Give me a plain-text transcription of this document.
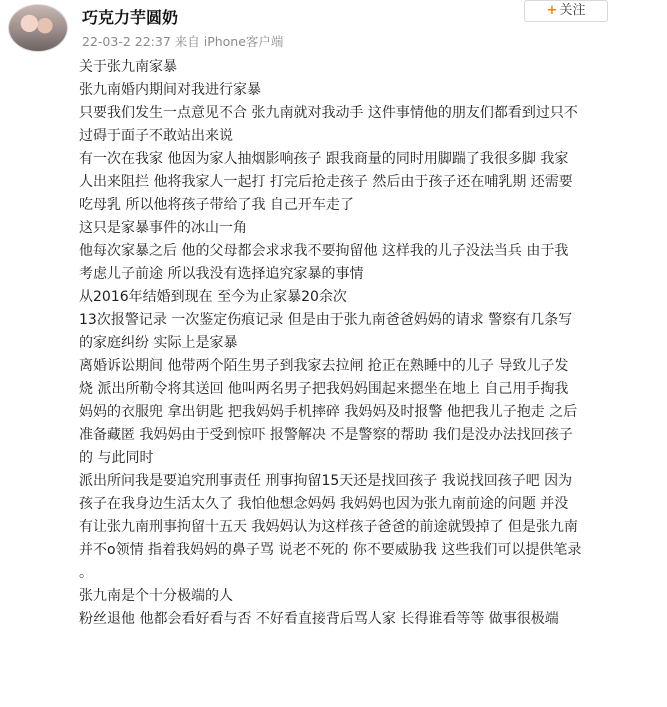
巧克力芋圆奶
22-03-2 22:37 来自 iPhone客户端
+ 关注
关于张九南家暴
张九南婚内期间对我进行家暴
只要我们发生一点意见不合 张九南就对我动手 这件事情他的朋友们都看到过只不
过碍于面子不敢站出来说
有一次在我家 他因为家人抽烟影响孩子 跟我商量的同时用脚踹了我很多脚 我家
人出来阻拦 他将我家人一起打 打完后抢走孩子 然后由于孩子还在哺乳期 还需要
吃母乳 所以他将孩子带给了我 自己开车走了
这只是家暴事件的冰山一角
他每次家暴之后 他的父母都会求求我不要拘留他 这样我的儿子没法当兵 由于我
考虑儿子前途 所以我没有选择追究家暴的事情
从2016年结婚到现在 至今为止家暴20余次
13次报警记录 一次鉴定伤痕记录 但是由于张九南爸爸妈妈的请求 警察有几条写
的家庭纠纷 实际上是家暴
离婚诉讼期间 他带两个陌生男子到我家去拉闸 抢正在熟睡中的儿子 导致儿子发
烧 派出所勒令将其送回 他叫两名男子把我妈妈围起来摁坐在地上 自己用手掏我
妈妈的衣服兜 拿出钥匙 把我妈妈手机摔碎 我妈妈及时报警 他把我儿子抱走 之后
准备藏匿 我妈妈由于受到惊吓 报警解决 不是警察的帮助 我们是没办法找回孩子
的 与此同时
派出所问我是要追究刑事责任 刑事拘留15天还是找回孩子 我说找回孩子吧 因为
孩子在我身边生活太久了 我怕他想念妈妈 我妈妈也因为张九南前途的问题 并没
有让张九南刑事拘留十五天 我妈妈认为这样孩子爸爸的前途就毁掉了 但是张九南
并不o领情 指着我妈妈的鼻子骂 说老不死的 你不要威胁我 这些我们可以提供笔录
。
张九南是个十分极端的人
粉丝退他 他都会看好看与否 不好看直接背后骂人家 长得谁看等等 做事很极端
